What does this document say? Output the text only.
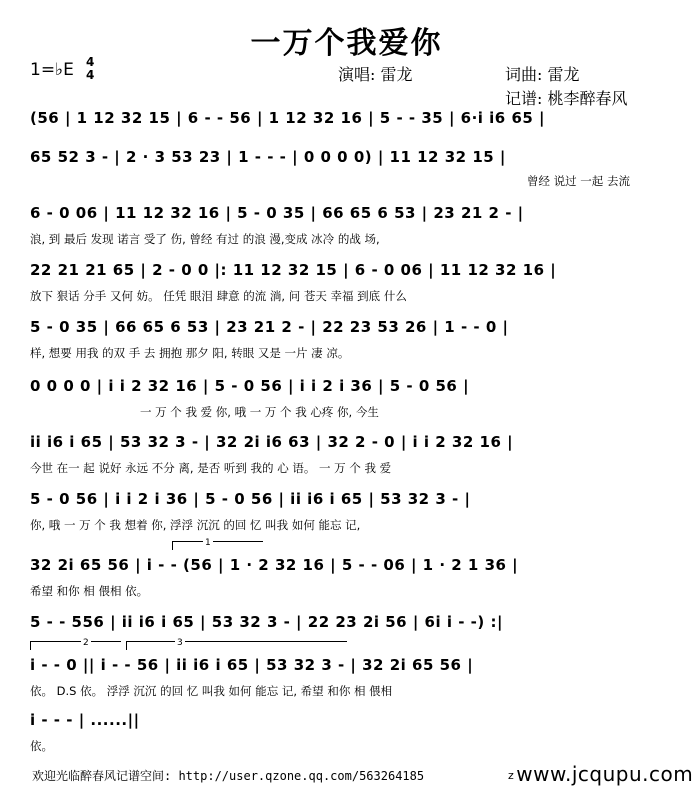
一万个我爱你
1=♭E 4
4	演唱: 雷龙	词曲: 雷龙
记谱: 桃李醉春风
(56 | 1 12 32 15 | 6 - - 56 | 1 12 32 16 | 5 - - 35 | 6·i i6 65 |
65 52 3 - | 2 · 3 53 23 | 1 - - - | 0 0 0 0) | 11 12 32 15 |
曾经 说过 一起 去流
6 - 0 06 | 11 12 32 16 | 5 - 0 35 | 66 65 6 53 | 23 21 2 - |
浪, 到 最后 发现 诺言 受了 伤, 曾经 有过 的浪 漫,变成 冰冷 的战 场,
22 21 21 65 | 2 - 0 0 |: 11 12 32 15 | 6 - 0 06 | 11 12 32 16 |
放下 狠话 分手 又何 妨。 任凭 眼泪 肆意 的流 淌, 问 苍天 幸福 到底 什么
5 - 0 35 | 66 65 6 53 | 23 21 2 - | 22 23 53 26 | 1 - - 0 |
样, 想要 用我 的双 手 去 拥抱 那夕 阳, 转眼 又是 一片 凄 凉。
0 0 0 0 | i i 2 32 16 | 5 - 0 56 | i i 2 i 36 | 5 - 0 56 |
一 万 个 我 爱 你, 哦 一 万 个 我 心疼 你, 今生
ii i6 i 65 | 53 32 3 - | 32 2i i6 63 | 32 2 - 0 | i i 2 32 16 |
今世 在一 起 说好 永远 不分 离, 是否 听到 我的 心 语。 一 万 个 我 爱
5 - 0 56 | i i 2 i 36 | 5 - 0 56 | ii i6 i 65 | 53 32 3 - |
你, 哦 一 万 个 我 想着 你, 浮浮 沉沉 的回 忆 叫我 如何 能忘 记,
1
32 2i 65 56 | i - - (56 | 1 · 2 32 16 | 5 - - 06 | 1 · 2 1 36 |
希望 和你 相 偎相 依。
5 - - 556 | ii i6 i 65 | 53 32 3 - | 22 23 2i 56 | 6i i - -) :|
2	3
i - - 0 || i - - 56 | ii i6 i 65 | 53 32 3 - | 32 2i 65 56 |
依。 D.S 依。 浮浮 沉沉 的回 忆 叫我 如何 能忘 记, 希望 和你 相 偎相
i - - - | ......||
依。
欢迎光临醉春风记谱空间: http://user.qzone.qq.com/563264185	z www.jcqupu.com
